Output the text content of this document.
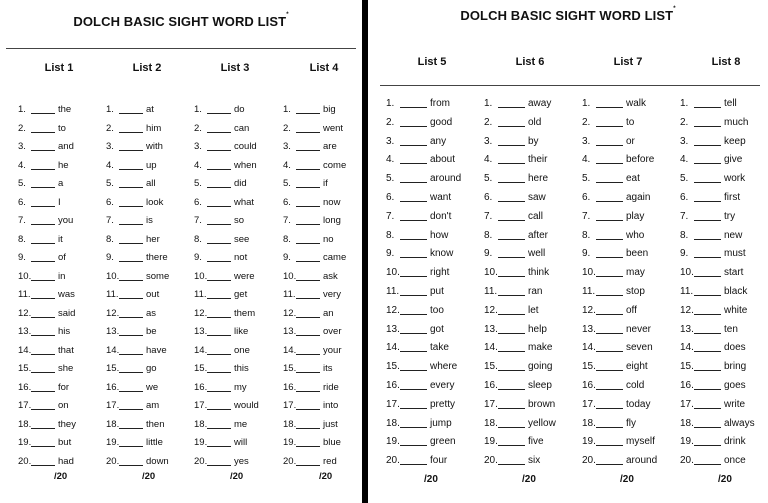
DOLCH BASIC SIGHT WORD LIST*
List 1
1.	the
2.	to
3.	and
4.	he
5.	a
6.	I
7.	you
8.	it
9.	of
10.	in
11.	was
12.	said
13.	his
14.	that
15.	she
16.	for
17.	on
18.	they
19.	but
20.	had
/20
List 2
1.	at
2.	him
3.	with
4.	up
5.	all
6.	look
7.	is
8.	her
9.	there
10.	some
11.	out
12.	as
13.	be
14.	have
15.	go
16.	we
17.	am
18.	then
19.	little
20.	down
/20
List 3
1.	do
2.	can
3.	could
4.	when
5.	did
6.	what
7.	so
8.	see
9.	not
10.	were
11.	get
12.	them
13.	like
14.	one
15.	this
16.	my
17.	would
18.	me
19.	will
20.	yes
/20
List 4
1.	big
2.	went
3.	are
4.	come
5.	if
6.	now
7.	long
8.	no
9.	came
10.	ask
11.	very
12.	an
13.	over
14.	your
15.	its
16.	ride
17.	into
18.	just
19.	blue
20.	red
/20
DOLCH BASIC SIGHT WORD LIST*
List 5
1.	from
2.	good
3.	any
4.	about
5.	around
6.	want
7.	don't
8.	how
9.	know
10.	right
11.	put
12.	too
13.	got
14.	take
15.	where
16.	every
17.	pretty
18.	jump
19.	green
20.	four
/20
List 6
1.	away
2.	old
3.	by
4.	their
5.	here
6.	saw
7.	call
8.	after
9.	well
10.	think
11.	ran
12.	let
13.	help
14.	make
15.	going
16.	sleep
17.	brown
18.	yellow
19.	five
20.	six
/20
List 7
1.	walk
2.	to
3.	or
4.	before
5.	eat
6.	again
7.	play
8.	who
9.	been
10.	may
11.	stop
12.	off
13.	never
14.	seven
15.	eight
16.	cold
17.	today
18.	fly
19.	myself
20.	around
/20
List 8
1.	tell
2.	much
3.	keep
4.	give
5.	work
6.	first
7.	try
8.	new
9.	must
10.	start
11.	black
12.	white
13.	ten
14.	does
15.	bring
16.	goes
17.	write
18.	always
19.	drink
20.	once
/20
